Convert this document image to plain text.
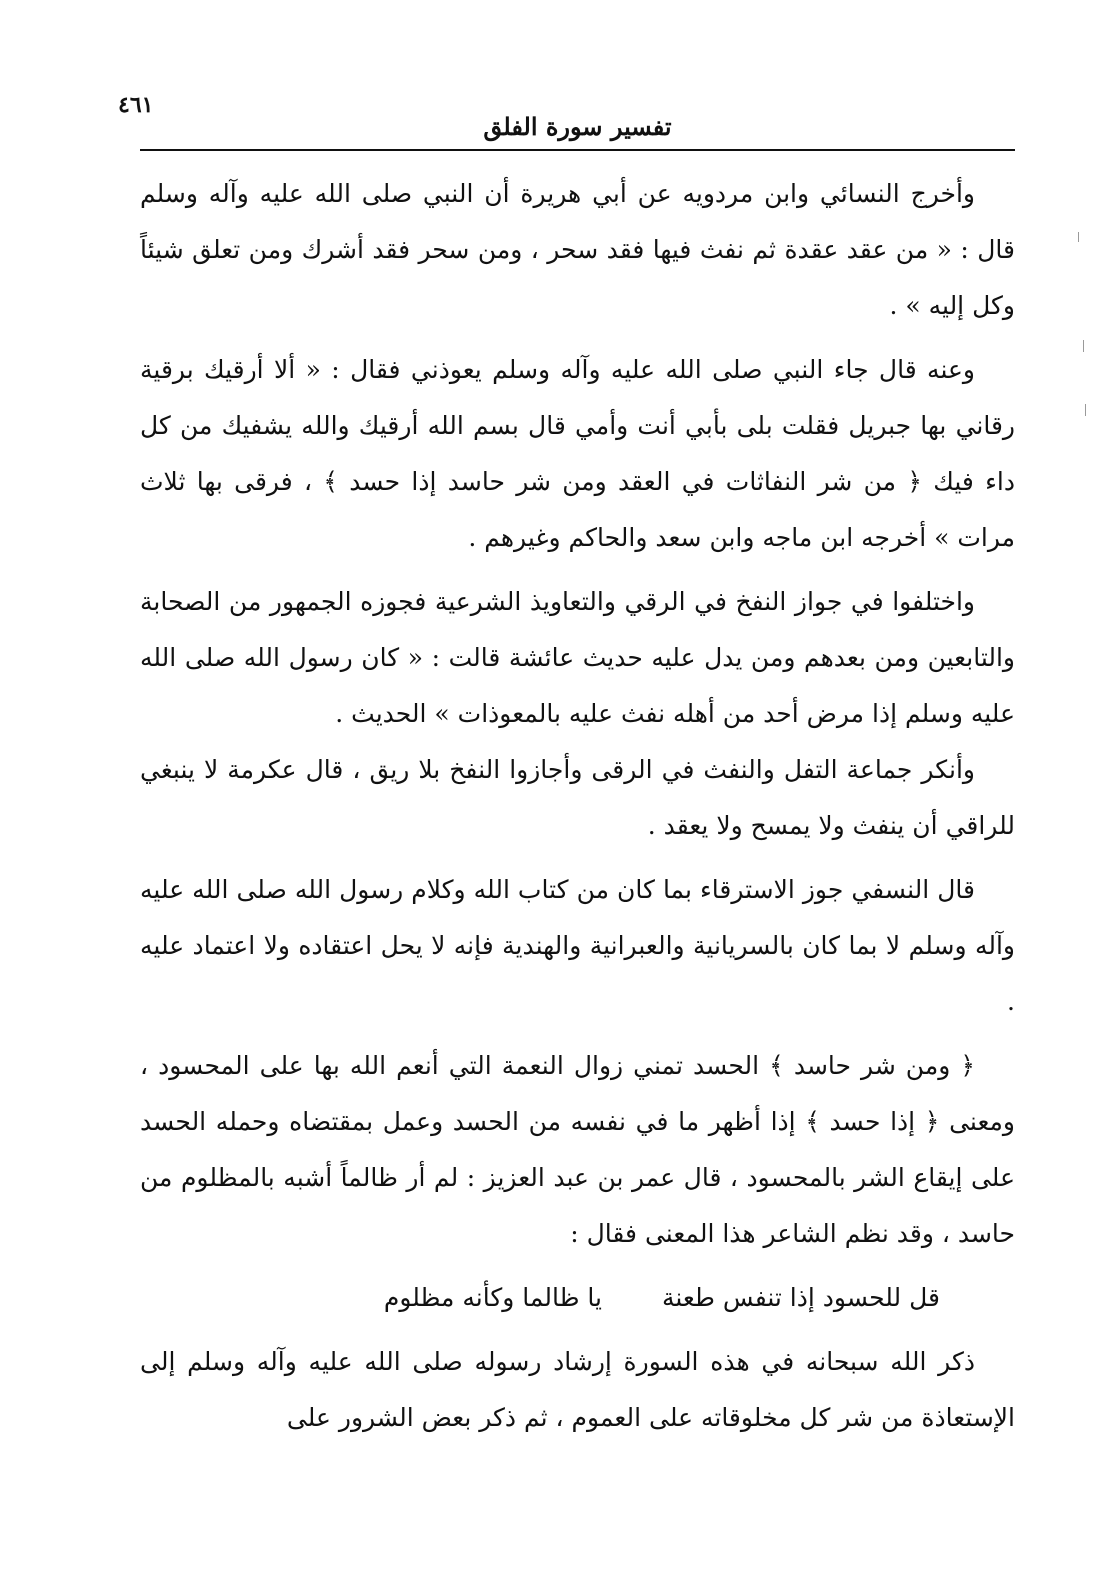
٤٦١
تفسير سورة الفلق

وأخرج النسائي وابن مردويه عن أبي هريرة أن النبي صلى الله عليه وآله وسلم قال : « من عقد عقدة ثم نفث فيها فقد سحر ، ومن سحر فقد أشرك ومن تعلق شيئاً وكل إليه » .

وعنه قال جاء النبي صلى الله عليه وآله وسلم يعوذني فقال : « ألا أرقيك برقية رقاني بها جبريل فقلت بلى بأبي أنت وأمي قال بسم الله أرقيك والله يشفيك من كل داء فيك ﴿ من شر النفاثات في العقد ومن شر حاسد إذا حسد ﴾ ، فرقى بها ثلاث مرات » أخرجه ابن ماجه وابن سعد والحاكم وغيرهم .

واختلفوا في جواز النفخ في الرقي والتعاويذ الشرعية فجوزه الجمهور من الصحابة والتابعين ومن بعدهم ومن يدل عليه حديث عائشة قالت : « كان رسول الله صلى الله عليه وسلم إذا مرض أحد من أهله نفث عليه بالمعوذات » الحديث .

وأنكر جماعة التفل والنفث في الرقى وأجازوا النفخ بلا ريق ، قال عكرمة لا ينبغي للراقي أن ينفث ولا يمسح ولا يعقد .

قال النسفي جوز الاسترقاء بما كان من كتاب الله وكلام رسول الله صلى الله عليه وآله وسلم لا بما كان بالسريانية والعبرانية والهندية فإنه لا يحل اعتقاده ولا اعتماد عليه .

﴿ ومن شر حاسد ﴾ الحسد تمني زوال النعمة التي أنعم الله بها على المحسود ، ومعنى ﴿ إذا حسد ﴾ إذا أظهر ما في نفسه من الحسد وعمل بمقتضاه وحمله الحسد على إيقاع الشر بالمحسود ، قال عمر بن عبد العزيز : لم أر ظالماً أشبه بالمظلوم من حاسد ، وقد نظم الشاعر هذا المعنى فقال :

قل للحسود إذا تنفس طعنة
يا ظالما وكأنه مظلوم

ذكر الله سبحانه في هذه السورة إرشاد رسوله صلى الله عليه وآله وسلم إلى الإستعاذة من شر كل مخلوقاته على العموم ، ثم ذكر بعض الشرور على
